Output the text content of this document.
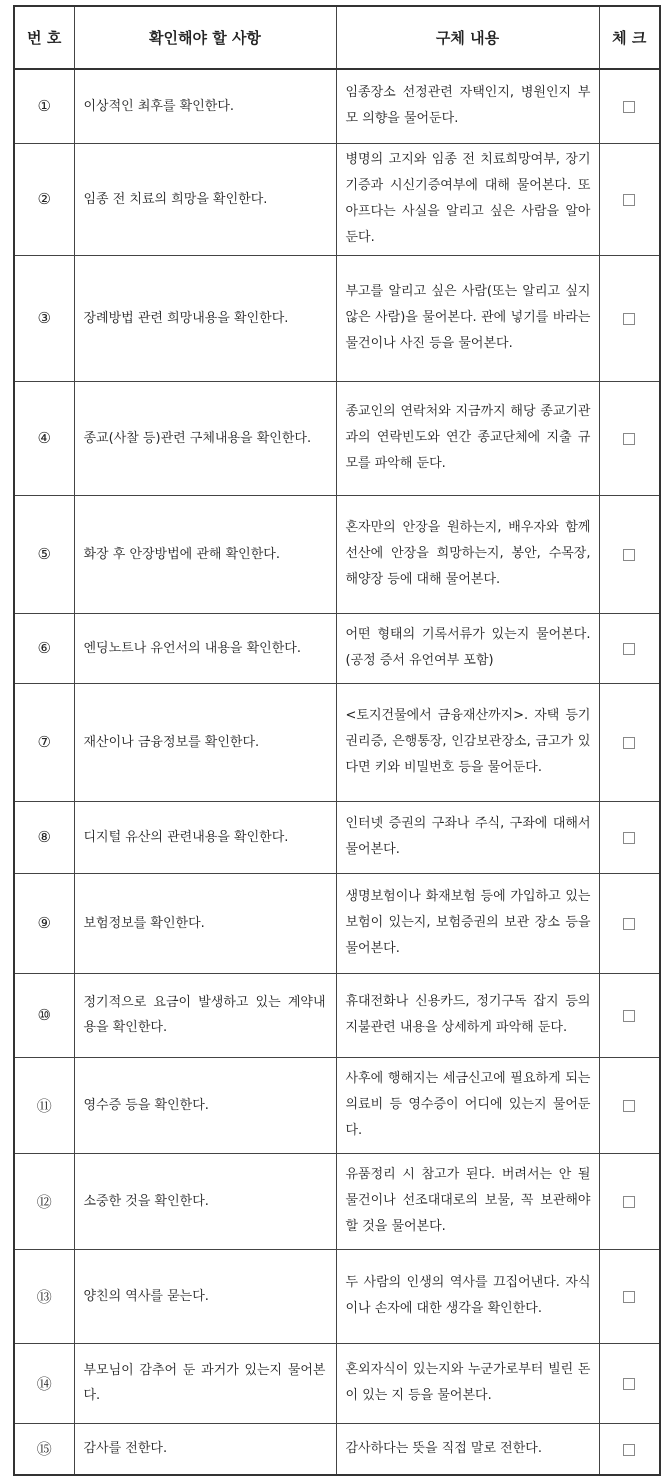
번 호	확인해야 할 사항	구체 내용	체 크
①	이상적인 최후를 확인한다.	임종장소 선정관련 자택인지, 병원인지 부모 의향을 물어둔다.	
②	임종 전 치료의 희망을 확인한다.	병명의 고지와 임종 전 치료희망여부, 장기기증과 시신기증여부에 대해 물어본다. 또 아프다는 사실을 알리고 싶은 사람을 알아둔다.	
③	장례방법 관련 희망내용을 확인한다.	부고를 알리고 싶은 사람(또는 알리고 싶지 않은 사람)을 물어본다. 관에 넣기를 바라는 물건이나 사진 등을 물어본다.	
④	종교(사찰 등)관련 구체내용을 확인한다.	종교인의 연락처와 지금까지 해당 종교기관과의 연락빈도와 연간 종교단체에 지출 규모를 파악해 둔다.	
⑤	화장 후 안장방법에 관해 확인한다.	혼자만의 안장을 원하는지, 배우자와 함께 선산에 안장을 희망하는지, 봉안, 수목장, 해양장 등에 대해 물어본다.	
⑥	엔딩노트나 유언서의 내용을 확인한다.	어떤 형태의 기록서류가 있는지 물어본다.(공정 증서 유언여부 포함)	
⑦	재산이나 금융정보를 확인한다.	<토지건물에서 금융재산까지>. 자택 등기권리증, 은행통장, 인감보관장소, 금고가 있다면 키와 비밀번호 등을 물어둔다.	
⑧	디지털 유산의 관련내용을 확인한다.	인터넷 증권의 구좌나 주식, 구좌에 대해서 물어본다.	
⑨	보험정보를 확인한다.	생명보험이나 화재보험 등에 가입하고 있는 보험이 있는지, 보험증권의 보관 장소 등을 물어본다.	
⑩	정기적으로 요금이 발생하고 있는 계약내용을 확인한다.	휴대전화나 신용카드, 정기구독 잡지 등의 지불관련 내용을 상세하게 파악해 둔다.	
⑪	영수증 등을 확인한다.	사후에 행해지는 세금신고에 필요하게 되는 의료비 등 영수증이 어디에 있는지 물어둔다.	
⑫	소중한 것을 확인한다.	유품정리 시 참고가 된다. 버려서는 안 될 물건이나 선조대대로의 보물, 꼭 보관해야 할 것을 물어본다.	
⑬	양친의 역사를 묻는다.	두 사람의 인생의 역사를 끄집어낸다. 자식이나 손자에 대한 생각을 확인한다.	
⑭	부모님이 감추어 둔 과거가 있는지 물어본다.	혼외자식이 있는지와 누군가로부터 빌린 돈이 있는 지 등을 물어본다.	
⑮	감사를 전한다.	감사하다는 뜻을 직접 말로 전한다.	
